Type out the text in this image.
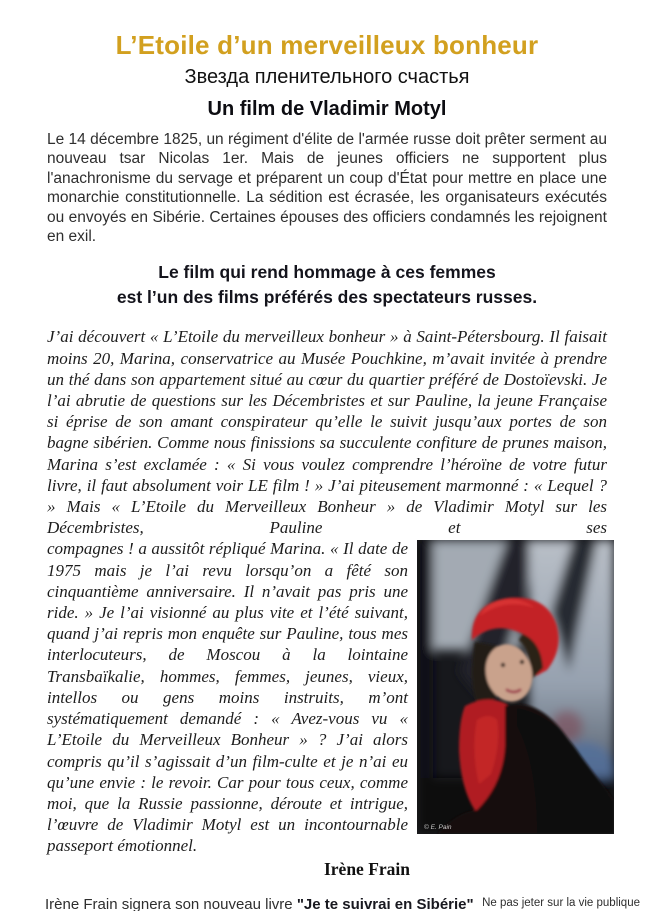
L’Etoile d’un merveilleux bonheur
Звезда пленительного счастья
Un film de Vladimir Motyl

Le 14 décembre 1825, un régiment d'élite de l'armée russe doit prêter serment au nouveau tsar Nicolas 1er. Mais de jeunes officiers ne supportent plus l'anachronisme du servage et préparent un coup d'État pour mettre en place une monarchie constitutionnelle. La sédition est écrasée, les organisateurs exécutés ou envoyés en Sibérie. Certaines épouses des officiers condamnés les rejoignent en exil.

Le film qui rend hommage à ces femmes
est l’un des films préférés des spectateurs russes.

J’ai découvert « L’Etoile du merveilleux bonheur » à Saint-Pétersbourg. Il faisait moins 20, Marina, conservatrice au Musée Pouchkine, m’avait invitée à prendre un thé dans son appartement situé au cœur du quartier préféré de Dostoïevski. Je l’ai abrutie de questions sur les Décembristes et sur Pauline, la jeune Française si éprise de son amant conspirateur qu’elle le suivit jusqu’aux portes de son bagne sibérien. Comme nous finissions sa succulente confiture de prunes maison, Marina s’est exclamée : « Si vous voulez comprendre l’héroïne de votre futur livre, il faut absolument voir LE film ! » J’ai piteusement marmonné : « Lequel ? » Mais « L’Etoile du Merveilleux Bonheur » de Vladimir Motyl sur les Décembristes, Pauline et ses

© E. Pain

compagnes ! a aussitôt répliqué Marina. « Il date de 1975 mais je l’ai revu lorsqu’on a fêté son cinquantième anniversaire. Il n’avait pas pris une ride. » Je l’ai visionné au plus vite et l’été suivant, quand j’ai repris mon enquête sur Pauline, tous mes interlocuteurs, de Moscou à la lointaine Transbaïkalie, hommes, femmes, jeunes, vieux, intellos ou gens moins instruits, m’ont systématiquement demandé : « Avez-vous vu « L’Etoile du Merveilleux Bonheur » ? J’ai alors compris qu’il s’agissait d’un film-culte et je n’ai eu qu’une envie : le revoir. Car pour tous ceux, comme moi, que la Russie passionne, déroute et intrigue, l’œuvre de Vladimir Motyl est un incontournable passeport émotionnel.

Irène Frain
Irène Frain signera son nouveau livre "Je te suivrai en Sibérie" Ne pas jeter sur la vie publique
